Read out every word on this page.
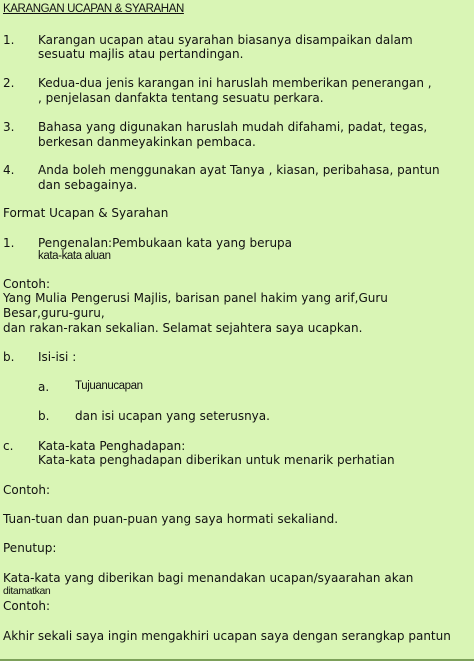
KARANGAN UCAPAN & SYARAHAN
1. Karangan ucapan atau syarahan biasanya disampaikan dalam
sesuatu majlis atau pertandingan.
2. Kedua-dua jenis karangan ini haruslah memberikan penerangan ,
, penjelasan danfakta tentang sesuatu perkara.
3. Bahasa yang digunakan haruslah mudah difahami, padat, tegas,
berkesan danmeyakinkan pembaca.
4. Anda boleh menggunakan ayat Tanya , kiasan, peribahasa, pantun
dan sebagainya.
Format Ucapan & Syarahan
1. Pengenalan:Pembukaan kata yang berupa
kata-kata aluan
Contoh:
Yang Mulia Pengerusi Majlis, barisan panel hakim yang arif,Guru
Besar,guru-guru,
dan rakan-rakan sekalian. Selamat sejahtera saya ucapkan.
b. Isi-isi :
a. Tujuanucapan
b. dan isi ucapan yang seterusnya.
c. Kata-kata Penghadapan:
Kata-kata penghadapan diberikan untuk menarik perhatian
Contoh:
Tuan-tuan dan puan-puan yang saya hormati sekaliand.
Penutup:
Kata-kata yang diberikan bagi menandakan ucapan/syaarahan akan
ditamatkan
Contoh:
Akhir sekali saya ingin mengakhiri ucapan saya dengan serangkap pantun
